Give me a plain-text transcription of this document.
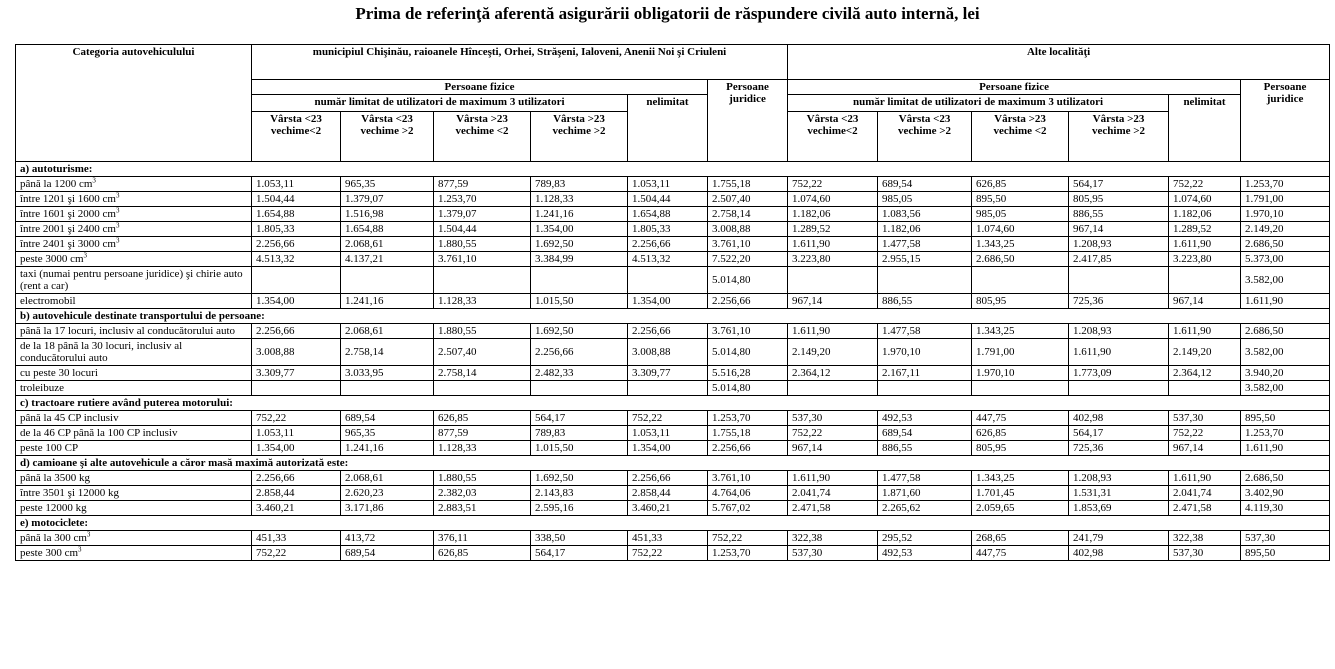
Prima de referinţă aferentă asigurării obligatorii de răspundere civilă auto internă, lei
Categoria autovehiculului	municipiul Chişinău, raioanele Hînceşti, Orhei, Străşeni, Ialoveni, Anenii Noi şi Criuleni						Alte localităţi					
	Persoane fizice					Persoane juridice	Persoane fizice					Persoane juridice
	număr limitat de utilizatori de maximum 3 utilizatori				nelimitat		număr limitat de utilizatori de maximum 3 utilizatori				nelimitat	
	Vârsta <23 vechime<2	Vârsta <23 vechime >2	Vârsta >23 vechime <2	Vârsta >23 vechime >2			Vârsta <23 vechime<2	Vârsta <23 vechime >2	Vârsta >23 vechime <2	Vârsta >23 vechime >2		
a) autoturisme:												
până la 1200 $cm^3$	1.053,11	965,35	877,59	789,83	1.053,11	1.755,18	752,22	689,54	626,85	564,17	752,22	1.253,70
între 1201 şi 1600 $cm^3$	1.504,44	1.379,07	1.253,70	1.128,33	1.504,44	2.507,40	1.074,60	985,05	895,50	805,95	1.074,60	1.791,00
între 1601 şi 2000 $cm^3$	1.654,88	1.516,98	1.379,07	1.241,16	1.654,88	2.758,14	1.182,06	1.083,56	985,05	886,55	1.182,06	1.970,10
între 2001 şi 2400 $cm^3$	1.805,33	1.654,88	1.504,44	1.354,00	1.805,33	3.008,88	1.289,52	1.182,06	1.074,60	967,14	1.289,52	2.149,20
între 2401 şi 3000 $cm^3$	2.256,66	2.068,61	1.880,55	1.692,50	2.256,66	3.761,10	1.611,90	1.477,58	1.343,25	1.208,93	1.611,90	2.686,50
peste 3000 $cm^3$	4.513,32	4.137,21	3.761,10	3.384,99	4.513,32	7.522,20	3.223,80	2.955,15	2.686,50	2.417,85	3.223,80	5.373,00
taxi (numai pentru persoane juridice) şi chirie auto (rent a car)						5.014,80						3.582,00
electromobil	1.354,00	1.241,16	1.128,33	1.015,50	1.354,00	2.256,66	967,14	886,55	805,95	725,36	967,14	1.611,90
b) autovehicule destinate transportului de persoane:												
până la 17 locuri, inclusiv al conducătorului auto	2.256,66	2.068,61	1.880,55	1.692,50	2.256,66	3.761,10	1.611,90	1.477,58	1.343,25	1.208,93	1.611,90	2.686,50
de la 18 până la 30 locuri, inclusiv al conducătorului auto	3.008,88	2.758,14	2.507,40	2.256,66	3.008,88	5.014,80	2.149,20	1.970,10	1.791,00	1.611,90	2.149,20	3.582,00
cu peste 30 locuri	3.309,77	3.033,95	2.758,14	2.482,33	3.309,77	5.516,28	2.364,12	2.167,11	1.970,10	1.773,09	2.364,12	3.940,20
troleibuze						5.014,80						3.582,00
c) tractoare rutiere având puterea motorului:												
până la 45 CP inclusiv	752,22	689,54	626,85	564,17	752,22	1.253,70	537,30	492,53	447,75	402,98	537,30	895,50
de la 46 CP până la 100 CP inclusiv	1.053,11	965,35	877,59	789,83	1.053,11	1.755,18	752,22	689,54	626,85	564,17	752,22	1.253,70
peste 100 CP	1.354,00	1.241,16	1.128,33	1.015,50	1.354,00	2.256,66	967,14	886,55	805,95	725,36	967,14	1.611,90
d) camioane şi alte autovehicule a căror masă maximă autorizată este:												
până la 3500 kg	2.256,66	2.068,61	1.880,55	1.692,50	2.256,66	3.761,10	1.611,90	1.477,58	1.343,25	1.208,93	1.611,90	2.686,50
între 3501 şi 12000 kg	2.858,44	2.620,23	2.382,03	2.143,83	2.858,44	4.764,06	2.041,74	1.871,60	1.701,45	1.531,31	2.041,74	3.402,90
peste 12000 kg	3.460,21	3.171,86	2.883,51	2.595,16	3.460,21	5.767,02	2.471,58	2.265,62	2.059,65	1.853,69	2.471,58	4.119,30
e) motociclete:												
până la 300 $cm^3$	451,33	413,72	376,11	338,50	451,33	752,22	322,38	295,52	268,65	241,79	322,38	537,30
peste 300 $cm^3$	752,22	689,54	626,85	564,17	752,22	1.253,70	537,30	492,53	447,75	402,98	537,30	895,50
